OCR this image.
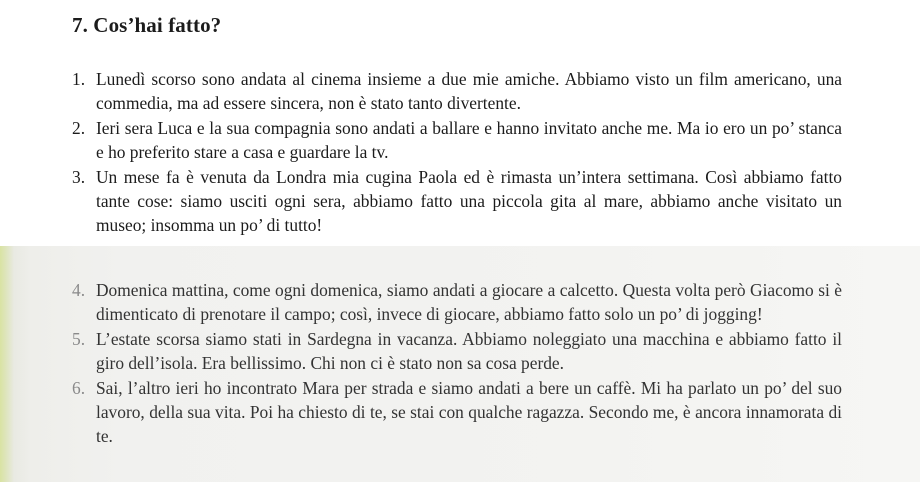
7. Cos’hai fatto?
1. Lunedì scorso sono andata al cinema insieme a due mie amiche. Abbiamo visto un film americano, una commedia, ma ad essere sincera, non è stato tanto divertente.
2. Ieri sera Luca e la sua compagnia sono andati a ballare e hanno invitato anche me. Ma io ero un po’ stanca e ho preferito stare a casa e guardare la tv.
3. Un mese fa è venuta da Londra mia cugina Paola ed è rimasta un’intera settimana. Così abbiamo fatto tante cose: siamo usciti ogni sera, abbiamo fatto una piccola gita al mare, abbiamo anche visitato un museo; insomma un po’ di tutto!
4. Domenica mattina, come ogni domenica, siamo andati a giocare a calcetto. Questa volta però Giacomo si è dimenticato di prenotare il campo; così, invece di giocare, abbiamo fatto solo un po’ di jogging!
5. L’estate scorsa siamo stati in Sardegna in vacanza. Abbiamo noleggiato una macchina e abbiamo fatto il giro dell’isola. Era bellissimo. Chi non ci è stato non sa cosa perde.
6. Sai, l’altro ieri ho incontrato Mara per strada e siamo andati a bere un caffè. Mi ha parlato un po’ del suo lavoro, della sua vita. Poi ha chiesto di te, se stai con qualche ragazza. Secondo me, è ancora innamorata di te.
